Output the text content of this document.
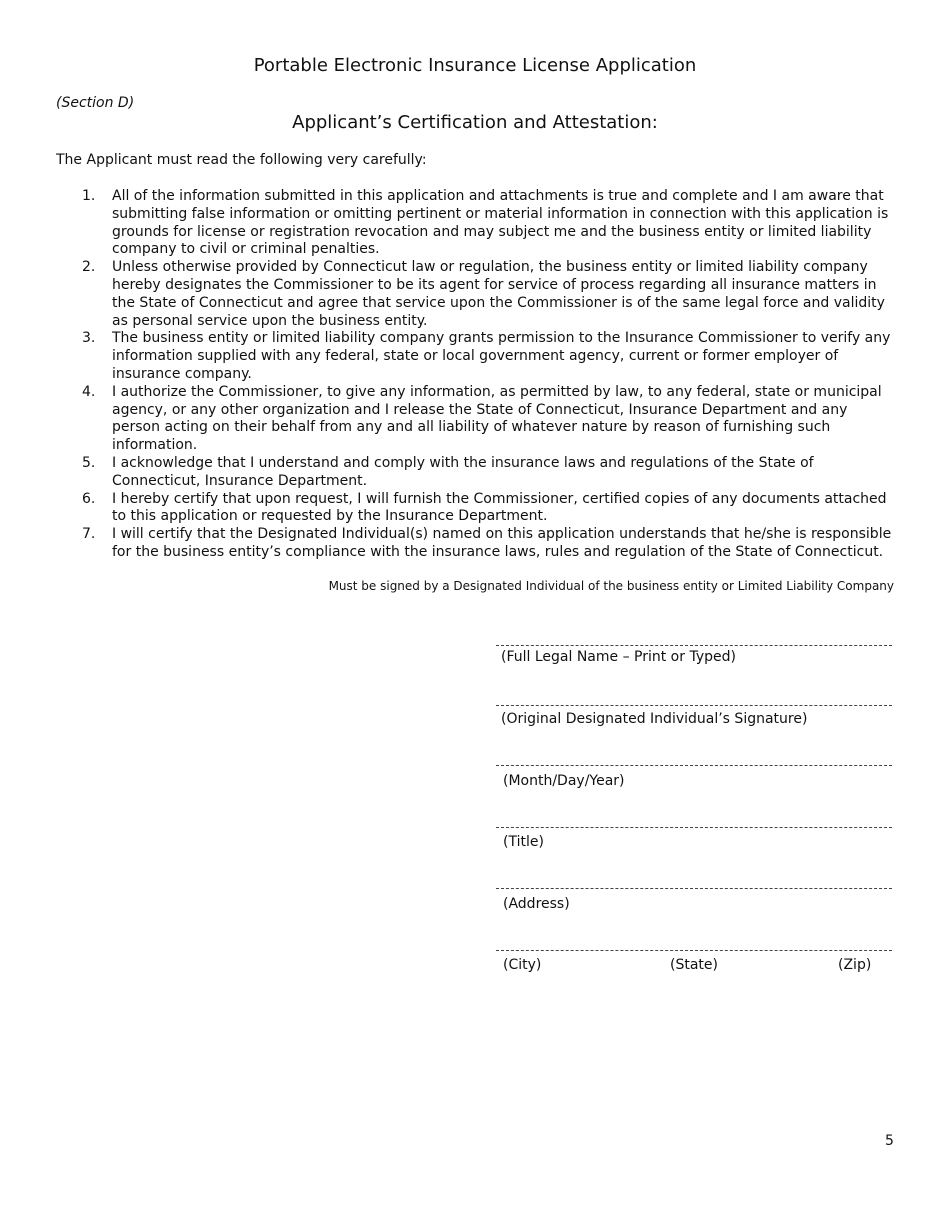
Portable Electronic Insurance License Application
(Section D)
Applicant’s Certification and Attestation:
The Applicant must read the following very carefully:
1. All of the information submitted in this application and attachments is true and complete and I am aware that submitting false information or omitting pertinent or material information in connection with this application is grounds for license or registration revocation and may subject me and the business entity or limited liability company to civil or criminal penalties.
2. Unless otherwise provided by Connecticut law or regulation, the business entity or limited liability company hereby designates the Commissioner to be its agent for service of process regarding all insurance matters in the State of Connecticut and agree that service upon the Commissioner is of the same legal force and validity as personal service upon the business entity.
3. The business entity or limited liability company grants permission to the Insurance Commissioner to verify any information supplied with any federal, state or local government agency, current or former employer of insurance company.
4. I authorize the Commissioner, to give any information, as permitted by law, to any federal, state or municipal agency, or any other organization and I release the State of Connecticut, Insurance Department and any person acting on their behalf from any and all liability of whatever nature by reason of furnishing such information.
5. I acknowledge that I understand and comply with the insurance laws and regulations of the State of Connecticut, Insurance Department.
6. I hereby certify that upon request, I will furnish the Commissioner, certified copies of any documents attached to this application or requested by the Insurance Department.
7. I will certify that the Designated Individual(s) named on this application understands that he/she is responsible for the business entity’s compliance with the insurance laws, rules and regulation of the State of Connecticut.
Must be signed by a Designated Individual of the business entity or Limited Liability Company
(Full Legal Name – Print or Typed)
(Original Designated Individual’s Signature)
(Month/Day/Year)
(Title)
(Address)
(City)	(State)	(Zip)
5
